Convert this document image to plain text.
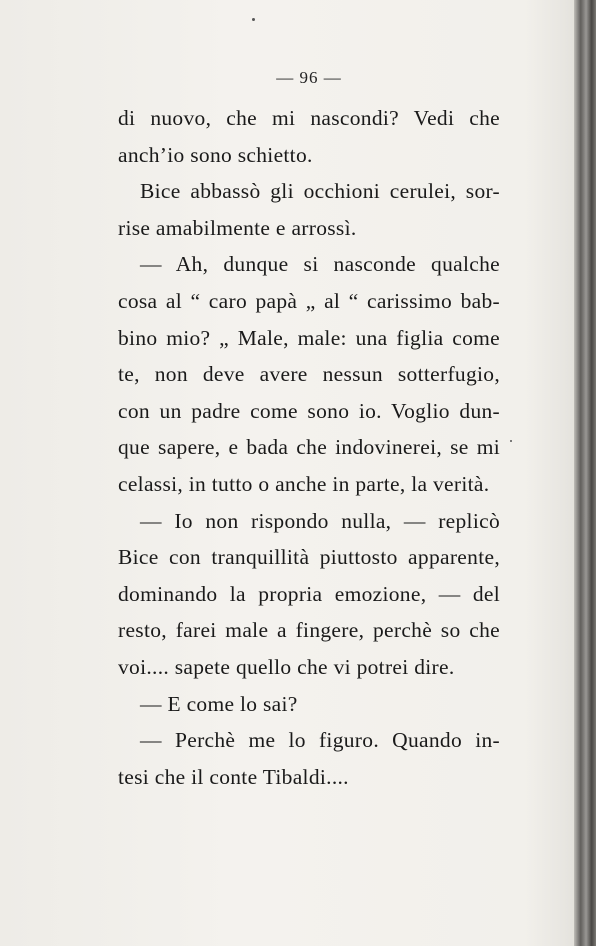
— 96 —
di nuovo, che mi nascondi? Vedi che
anch’io sono schietto.
Bice abbassò gli occhioni cerulei, sor-
rise amabilmente e arrossì.
— Ah, dunque si nasconde qualche
cosa al “ caro papà „ al “ carissimo bab-
bino mio? „ Male, male: una figlia come
te, non deve avere nessun sotterfugio,
con un padre come sono io. Voglio dun-
que sapere, e bada che indovinerei, se mi
celassi, in tutto o anche in parte, la verità.
— Io non rispondo nulla, — replicò
Bice con tranquillità piuttosto apparente,
dominando la propria emozione, — del
resto, farei male a fingere, perchè so che
voi.... sapete quello che vi potrei dire.
— E come lo sai?
— Perchè me lo figuro. Quando in-
tesi che il conte Tibaldi....
